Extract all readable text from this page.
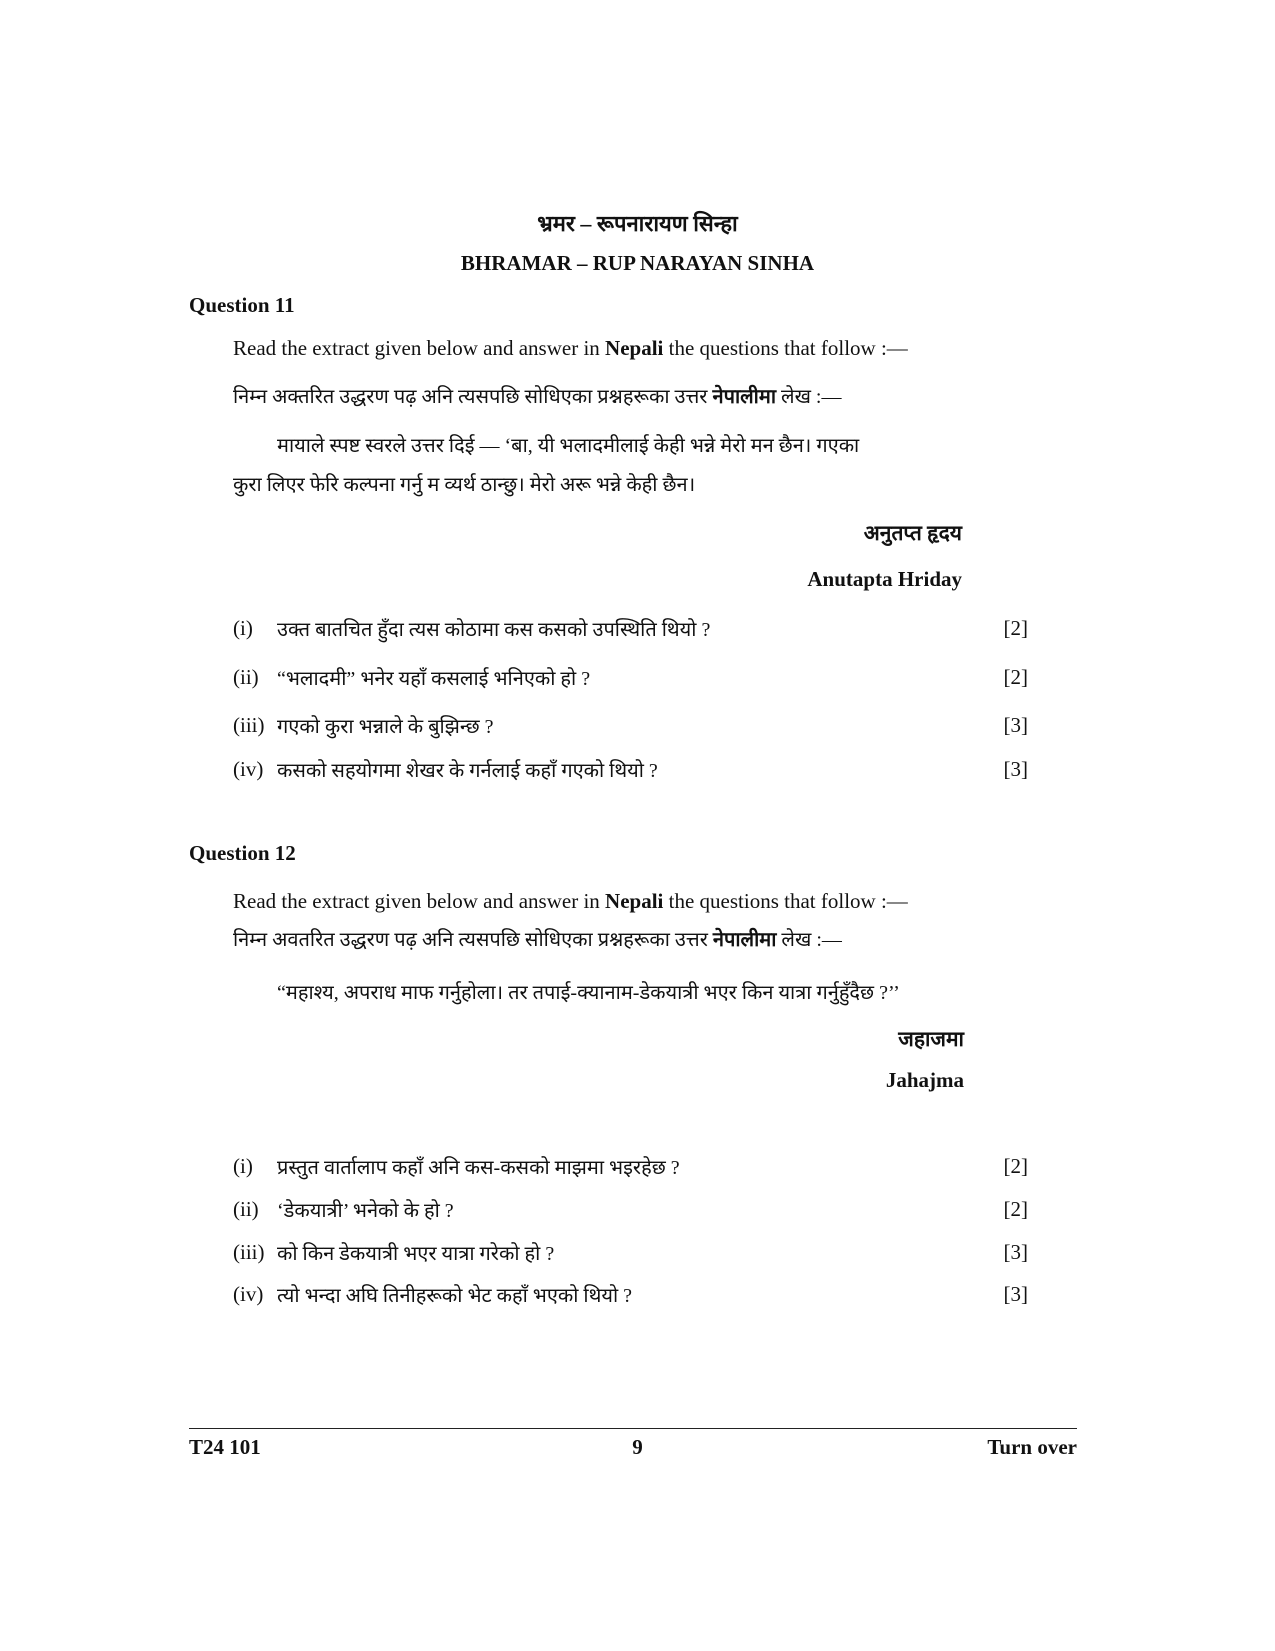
भ्रमर – रूपनारायण सिन्हा
BHRAMAR – RUP NARAYAN SINHA
Question 11
Read the extract given below and answer in Nepali the questions that follow :—
निम्न अक्तरित उद्धरण पढ़ अनि त्यसपछि सोधिएका प्रश्नहरूका उत्तर नेपालीमा लेख :—
मायाले स्पष्ट स्वरले उत्तर दिई — ‘बा, यी भलादमीलाई केही भन्ने मेरो मन छैन। गएका
कुरा लिएर फेरि कल्पना गर्नु म व्यर्थ ठान्छु। मेरो अरू भन्ने केही छैन।
अनुतप्त हृदय
Anutapta Hriday
(i) उक्त बातचित हुँदा त्यस कोठामा कस कसको उपस्थिति थियो ?	[2]
(ii) “भलादमी” भनेर यहाँ कसलाई भनिएको हो ?	[2]
(iii) गएको कुरा भन्नाले के बुझिन्छ ?	[3]
(iv) कसको सहयोगमा शेखर के गर्नलाई कहाँ गएको थियो ?	[3]
Question 12
Read the extract given below and answer in Nepali the questions that follow :—
निम्न अवतरित उद्धरण पढ़ अनि त्यसपछि सोधिएका प्रश्नहरूका उत्तर नेपालीमा लेख :—
“महाश्य, अपराध माफ गर्नुहोला। तर तपाई-क्यानाम-डेकयात्री भएर किन यात्रा गर्नुहुँदैछ ?’’
जहाजमा
Jahajma
(i) प्रस्तुत वार्तालाप कहाँ अनि कस-कसको माझमा भइरहेछ ?	[2]
(ii) ‘डेकयात्री’ भनेको के हो ?	[2]
(iii) को किन डेकयात्री भएर यात्रा गरेको हो ?	[3]
(iv) त्यो भन्दा अघि तिनीहरूको भेट कहाँ भएको थियो ?	[3]
T24 101	9	Turn over
